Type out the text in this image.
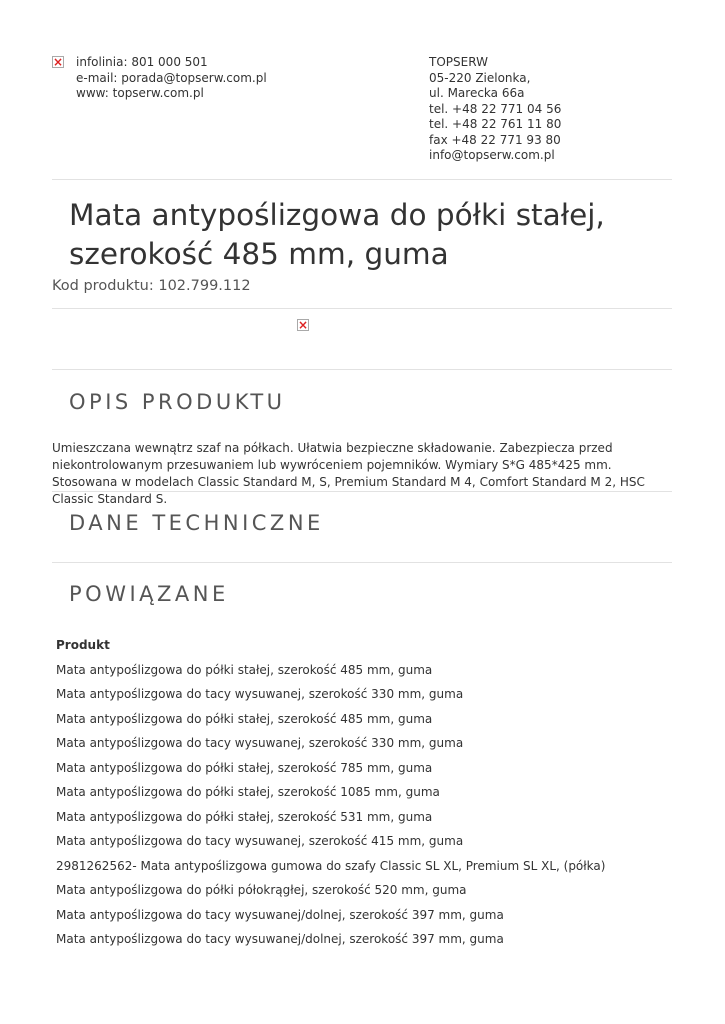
×
infolinia: 801 000 501
e-mail: porada@topserw.com.pl
www: topserw.com.pl
TOPSERW
05-220 Zielonka,
ul. Marecka 66a
tel. +48 22 771 04 56
tel. +48 22 761 11 80
fax +48 22 771 93 80
info@topserw.com.pl
Mata antypoślizgowa do półki stałej, szerokość 485 mm, guma
Kod produktu: 102.799.112
×
OPIS PRODUKTU

Umieszczana wewnątrz szaf na półkach. Ułatwia bezpieczne składowanie. Zabezpiecza przed niekontrolowanym przesuwaniem lub wywróceniem pojemników. Wymiary S*G 485*425 mm. Stosowana w modelach Classic Standard M, S, Premium Standard M 4, Comfort Standard M 2, HSC Classic Standard S.

DANE TECHNICZNE
POWIĄZANE
Produkt
Mata antypoślizgowa do półki stałej, szerokość 485 mm, guma
Mata antypoślizgowa do tacy wysuwanej, szerokość 330 mm, guma
Mata antypoślizgowa do półki stałej, szerokość 485 mm, guma
Mata antypoślizgowa do tacy wysuwanej, szerokość 330 mm, guma
Mata antypoślizgowa do półki stałej, szerokość 785 mm, guma
Mata antypoślizgowa do półki stałej, szerokość 1085 mm, guma
Mata antypoślizgowa do półki stałej, szerokość 531 mm, guma
Mata antypoślizgowa do tacy wysuwanej, szerokość 415 mm, guma
2981262562- Mata antypoślizgowa gumowa do szafy Classic SL XL, Premium SL XL, (półka)
Mata antypoślizgowa do półki półokrągłej, szerokość 520 mm, guma
Mata antypoślizgowa do tacy wysuwanej/dolnej, szerokość 397 mm, guma
Mata antypoślizgowa do tacy wysuwanej/dolnej, szerokość 397 mm, guma
